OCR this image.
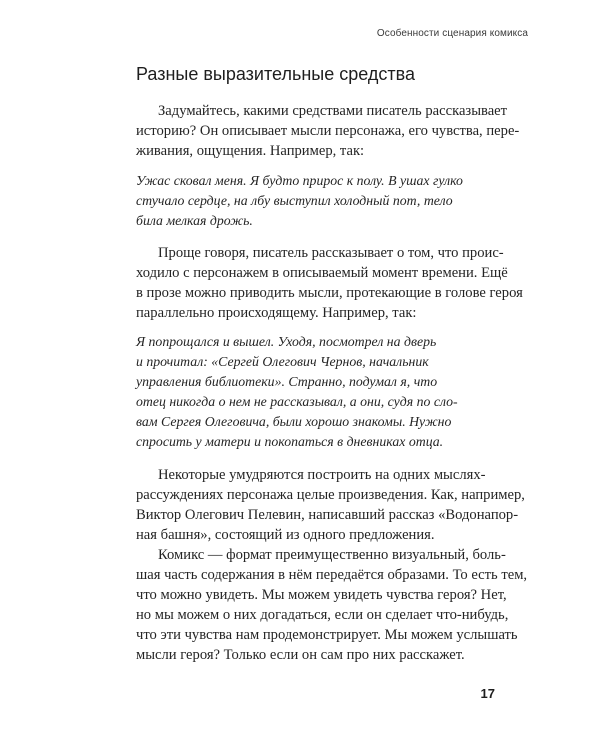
Особенности сценария комикса
Разные выразительные средства
Задумайтесь, какими средствами писатель рассказывает
историю? Он описывает мысли персонажа, его чувства, пере-
живания, ощущения. Например, так:
Ужас сковал меня. Я будто прирос к полу. В ушах гулко
стучало сердце, на лбу выступил холодный пот, тело
била мелкая дрожь.
Проще говоря, писатель рассказывает о том, что проис-
ходило с персонажем в описываемый момент времени. Ещё
в прозе можно приводить мысли, протекающие в голове героя
параллельно происходящему. Например, так:
Я попрощался и вышел. Уходя, посмотрел на дверь
и прочитал: «Сергей Олегович Чернов, начальник
управления библиотеки». Странно, подумал я, что
отец никогда о нем не рассказывал, а они, судя по сло-
вам Сергея Олеговича, были хорошо знакомы. Нужно
спросить у матери и покопаться в дневниках отца.
Некоторые умудряются построить на одних мыслях-
рассуждениях персонажа целые произведения. Как, например,
Виктор Олегович Пелевин, написавший рассказ «Водонапор-
ная башня», состоящий из одного предложения.
Комикс — формат преимущественно визуальный, боль-
шая часть содержания в нём передаётся образами. То есть тем,
что можно увидеть. Мы можем увидеть чувства героя? Нет,
но мы можем о них догадаться, если он сделает что-нибудь,
что эти чувства нам продемонстрирует. Мы можем услышать
мысли героя? Только если он сам про них расскажет.
17
